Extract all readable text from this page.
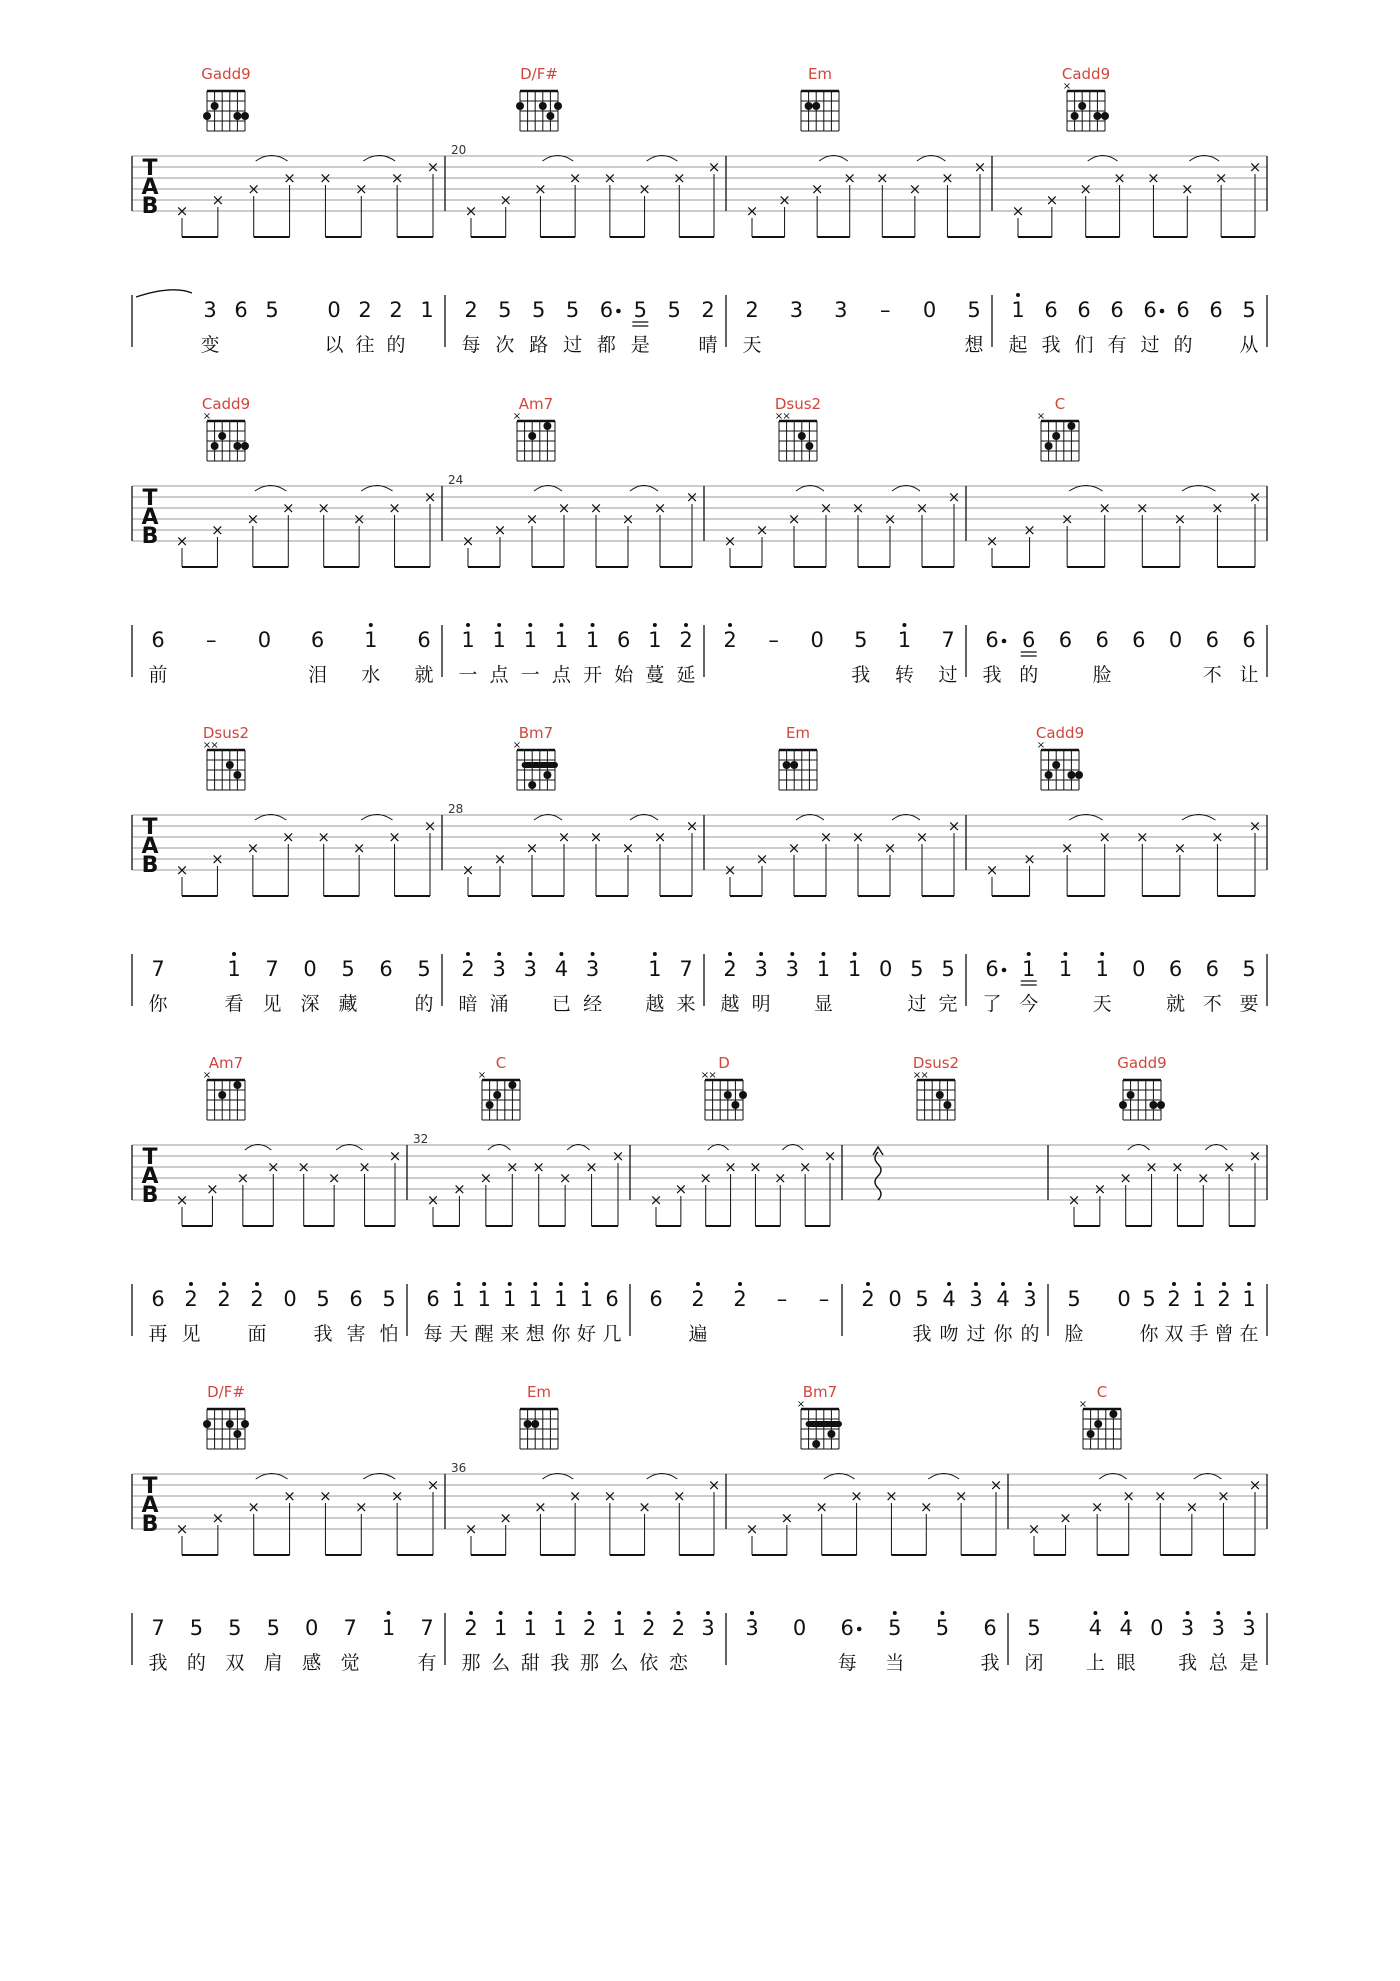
Gadd9	D/F#	Em	Cadd9
×
T
A
B
20
×
×
×
× ×
×
×
×
×
×
×
× ×
×
×
×
×
×
×
× ×
×
×
×
×
×
×
× ×
×
×
×
3
变
6 5 0
以
2
往
2
的
1 2
每
5
次
5
路
5
过
6
都
5
是
5 2
晴
2
天
3 3 – 0 5
想
1
起
6
我
6
们
6
有
6
过
6
的
6 5
从
Cadd9
×
Am7
×
Dsus2
× ×
C
×
T
A
B
24
×
×
×
× ×
×
×
×
×
×
×
× ×
×
×
×
×
×
×
× ×
×
×
×
×
×
×
× ×
×
×
×
6
前
– 0 6
泪
1
水
6
就
1
一
1
点
1
一
1
点
1
开
6
始
1
蔓
2
延
2 – 0 5
我
1
转
7
过
6
我
6
的
6 6
脸
6 0 6
不
6
让
Dsus2
× ×
Bm7
×
Em	Cadd9
×
T
A
B
28
×
×
×
× ×
×
×
×
×
×
×
× ×
×
×
×
×
×
×
× ×
×
×
×
×
×
×
× ×
×
×
×
7
你
1
看
7
见
0
深
5
藏
6 5
的
2
暗
3
涌
3 4
已
3
经
1
越
7
来
2
越
3
明
3 1
显
1 0 5
过
5
完
6
了
1
今
1 1
天
0 6
就
6
不
5
要
Am7
×
C
×
D
× ×
Dsus2
× ×
Gadd9
T
A
B
32
×
×
×
× ×
×
×
×
×
×
×
× ×
×
×
×
×
×
×
× ×
×
×
×
×
×
×
× ×
×
×
×
6
再
2
见
2 2
面
0 5
我
6
害
5
怕
6
每
1
天
1
醒
1
来
1
想
1
你
1
好
6
几
6 2
遍
2 – – 2 0 5
我
4
吻
3
过
4
你
3
的
5
脸
0 5
你
2
双
1
手
2
曾
1
在
D/F#	Em	Bm7
×
C
×
T
A
B
36
×
×
×
× ×
×
×
×
×
×
×
× ×
×
×
×
×
×
×
× ×
×
×
×
×
×
×
× ×
×
×
×
7
我
5
的
5
双
5
肩
0
感
7
觉
1 7
有
2
那
1
么
1
甜
1
我
2
那
1
么
2
依
2
恋
3 3 0 6
每
5
当
5 6
我
5
闭
4
上
4
眼
0 3
我
3
总
3
是
